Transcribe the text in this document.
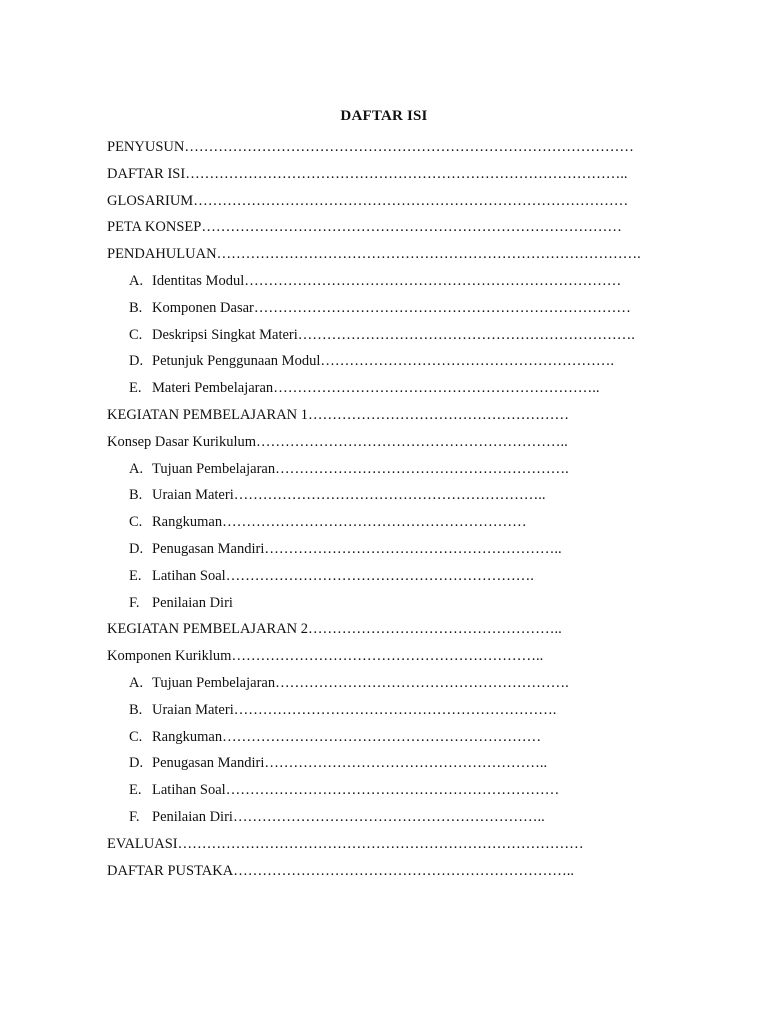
DAFTAR ISI
PENYUSUN …………………………………………………………………………………
DAFTAR ISI ………………………………………………………………………………..
GLOSARIUM ………………………………………………………………………………
PETA KONSEP ……………………………………………………………………………
PENDAHULUAN …………………………………………………………………………….
A. Identitas Modul ……………………………………………………………………
B. Komponen Dasar ……………………………………………………………………
C. Deskripsi Singkat Materi …………………………………………………………….
D. Petunjuk Penggunaan Modul …………………………………………………….
E. Materi Pembelajaran …………………………………………………………..
KEGIATAN PEMBELAJARAN 1 ………………………………………………
Konsep Dasar Kurikulum ………………………………………………………..
A. Tujuan Pembelajaran …………………………………………………….
B. Uraian Materi ………………………………………………………..
C. Rangkuman ………………………………………………………
D. Penugasan Mandiri ……………………………………………………..
E. Latihan Soal ……………………………………………………….
F. Penilaian Diri
KEGIATAN PEMBELAJARAN 2 ……………………………………………..
Komponen Kuriklum ………………………………………………………..
A. Tujuan Pembelajaran …………………………………………………….
B. Uraian Materi ………………………………………………………….
C. Rangkuman …………………………………………………………
D. Penugasan Mandiri …………………………………………………..
E. Latihan Soal ……………………………………………………………
F. Penilaian Diri ………………………………………………………..
EVALUASI …………………………………………………………………………
DAFTAR PUSTAKA ……………………………………………………………..
